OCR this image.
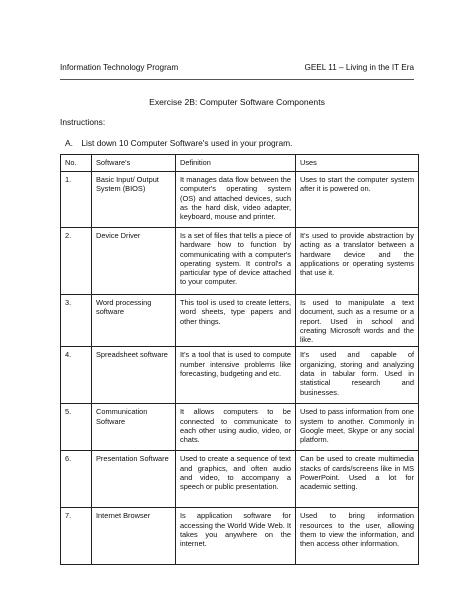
Information Technology Program	GEEL 11 – Living in the IT Era
Exercise 2B: Computer Software Components
Instructions:
A. List down 10 Computer Software's used in your program.
No.	Software's	Definition	Uses
1.	Basic Input/ Output System (BIOS)	It manages data flow between the computer's operating system (OS) and attached devices, such as the hard disk, video adapter, keyboard, mouse and printer.	Uses to start the computer system after it is powered on.
2.	Device Driver	Is a set of files that tells a piece of hardware how to function by communicating with a computer's operating system. It control's a particular type of device attached to your computer.	It's used to provide abstraction by acting as a translator between a hardware device and the applications or operating systems that use it.
3.	Word processing software	This tool is used to create letters, word sheets, type papers and other things.	Is used to manipulate a text document, such as a resume or a report. Used in school and creating Microsoft words and the like.
4.	Spreadsheet software	It's a tool that is used to compute number intensive problems like forecasting, budgeting and etc.	It's used and capable of organizing, storing and analyzing data in tabular form. Used in statistical research and businesses.
5.	Communication Software	It allows computers to be connected to communicate to each other using audio, video, or chats.	Used to pass information from one system to another. Commonly in Google meet, Skype or any social platform.
6.	Presentation Software	Used to create a sequence of text and graphics, and often audio and video, to accompany a speech or public presentation.	Can be used to create multimedia stacks of cards/screens like in MS PowerPoint. Used a lot for academic setting.
7.	Internet Browser	Is application software for accessing the World Wide Web. It takes you anywhere on the internet.	Used to bring information resources to the user, allowing them to view the information, and then access other information.
